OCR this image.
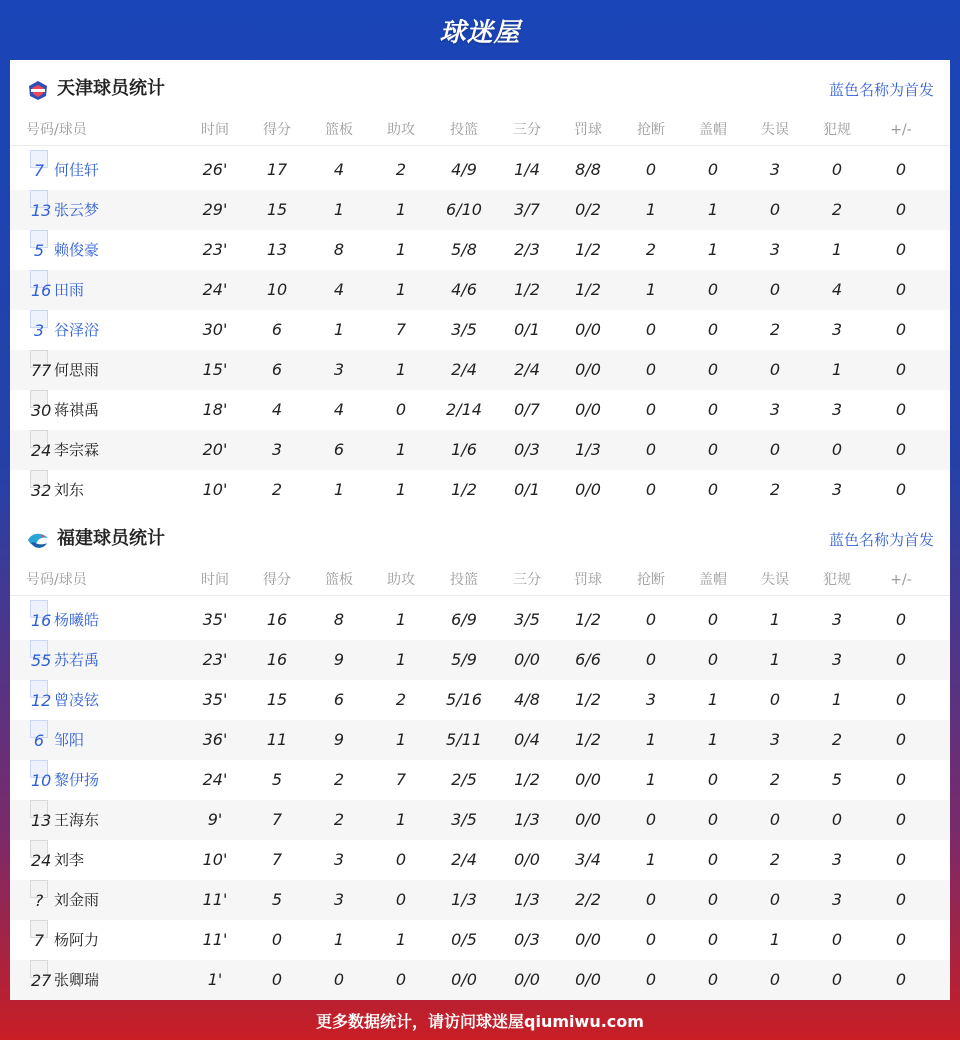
球迷屋
天津球员统计	蓝色名称为首发
号码/球员	时间	得分	篮板	助攻	投篮	三分	罚球	抢断	盖帽	失误	犯规	+/-
7 何佳轩	26'	17	4	2	4/9	1/4	8/8	0	0	3	0	0
13 张云梦	29'	15	1	1	6/10	3/7	0/2	1	1	0	2	0
5 赖俊豪	23'	13	8	1	5/8	2/3	1/2	2	1	3	1	0
16 田雨	24'	10	4	1	4/6	1/2	1/2	1	0	0	4	0
3 谷泽浴	30'	6	1	7	3/5	0/1	0/0	0	0	2	3	0
77 何思雨	15'	6	3	1	2/4	2/4	0/0	0	0	0	1	0
30 蒋祺禹	18'	4	4	0	2/14	0/7	0/0	0	0	3	3	0
24 李宗霖	20'	3	6	1	1/6	0/3	1/3	0	0	0	0	0
32 刘东	10'	2	1	1	1/2	0/1	0/0	0	0	2	3	0
福建球员统计	蓝色名称为首发
号码/球员	时间	得分	篮板	助攻	投篮	三分	罚球	抢断	盖帽	失误	犯规	+/-
16 杨曦皓	35'	16	8	1	6/9	3/5	1/2	0	0	1	3	0
55 苏若禹	23'	16	9	1	5/9	0/0	6/6	0	0	1	3	0
12 曾凌铉	35'	15	6	2	5/16	4/8	1/2	3	1	0	1	0
6 邹阳	36'	11	9	1	5/11	0/4	1/2	1	1	3	2	0
10 黎伊扬	24'	5	2	7	2/5	1/2	0/0	1	0	2	5	0
13 王海东	9'	7	2	1	3/5	1/3	0/0	0	0	0	0	0
24 刘李	10'	7	3	0	2/4	0/0	3/4	1	0	2	3	0
? 刘金雨	11'	5	3	0	1/3	1/3	2/2	0	0	0	3	0
7 杨阿力	11'	0	1	1	0/5	0/3	0/0	0	0	1	0	0
27 张卿瑞	1'	0	0	0	0/0	0/0	0/0	0	0	0	0	0
更多数据统计，请访问球迷屋qiumiwu.com
